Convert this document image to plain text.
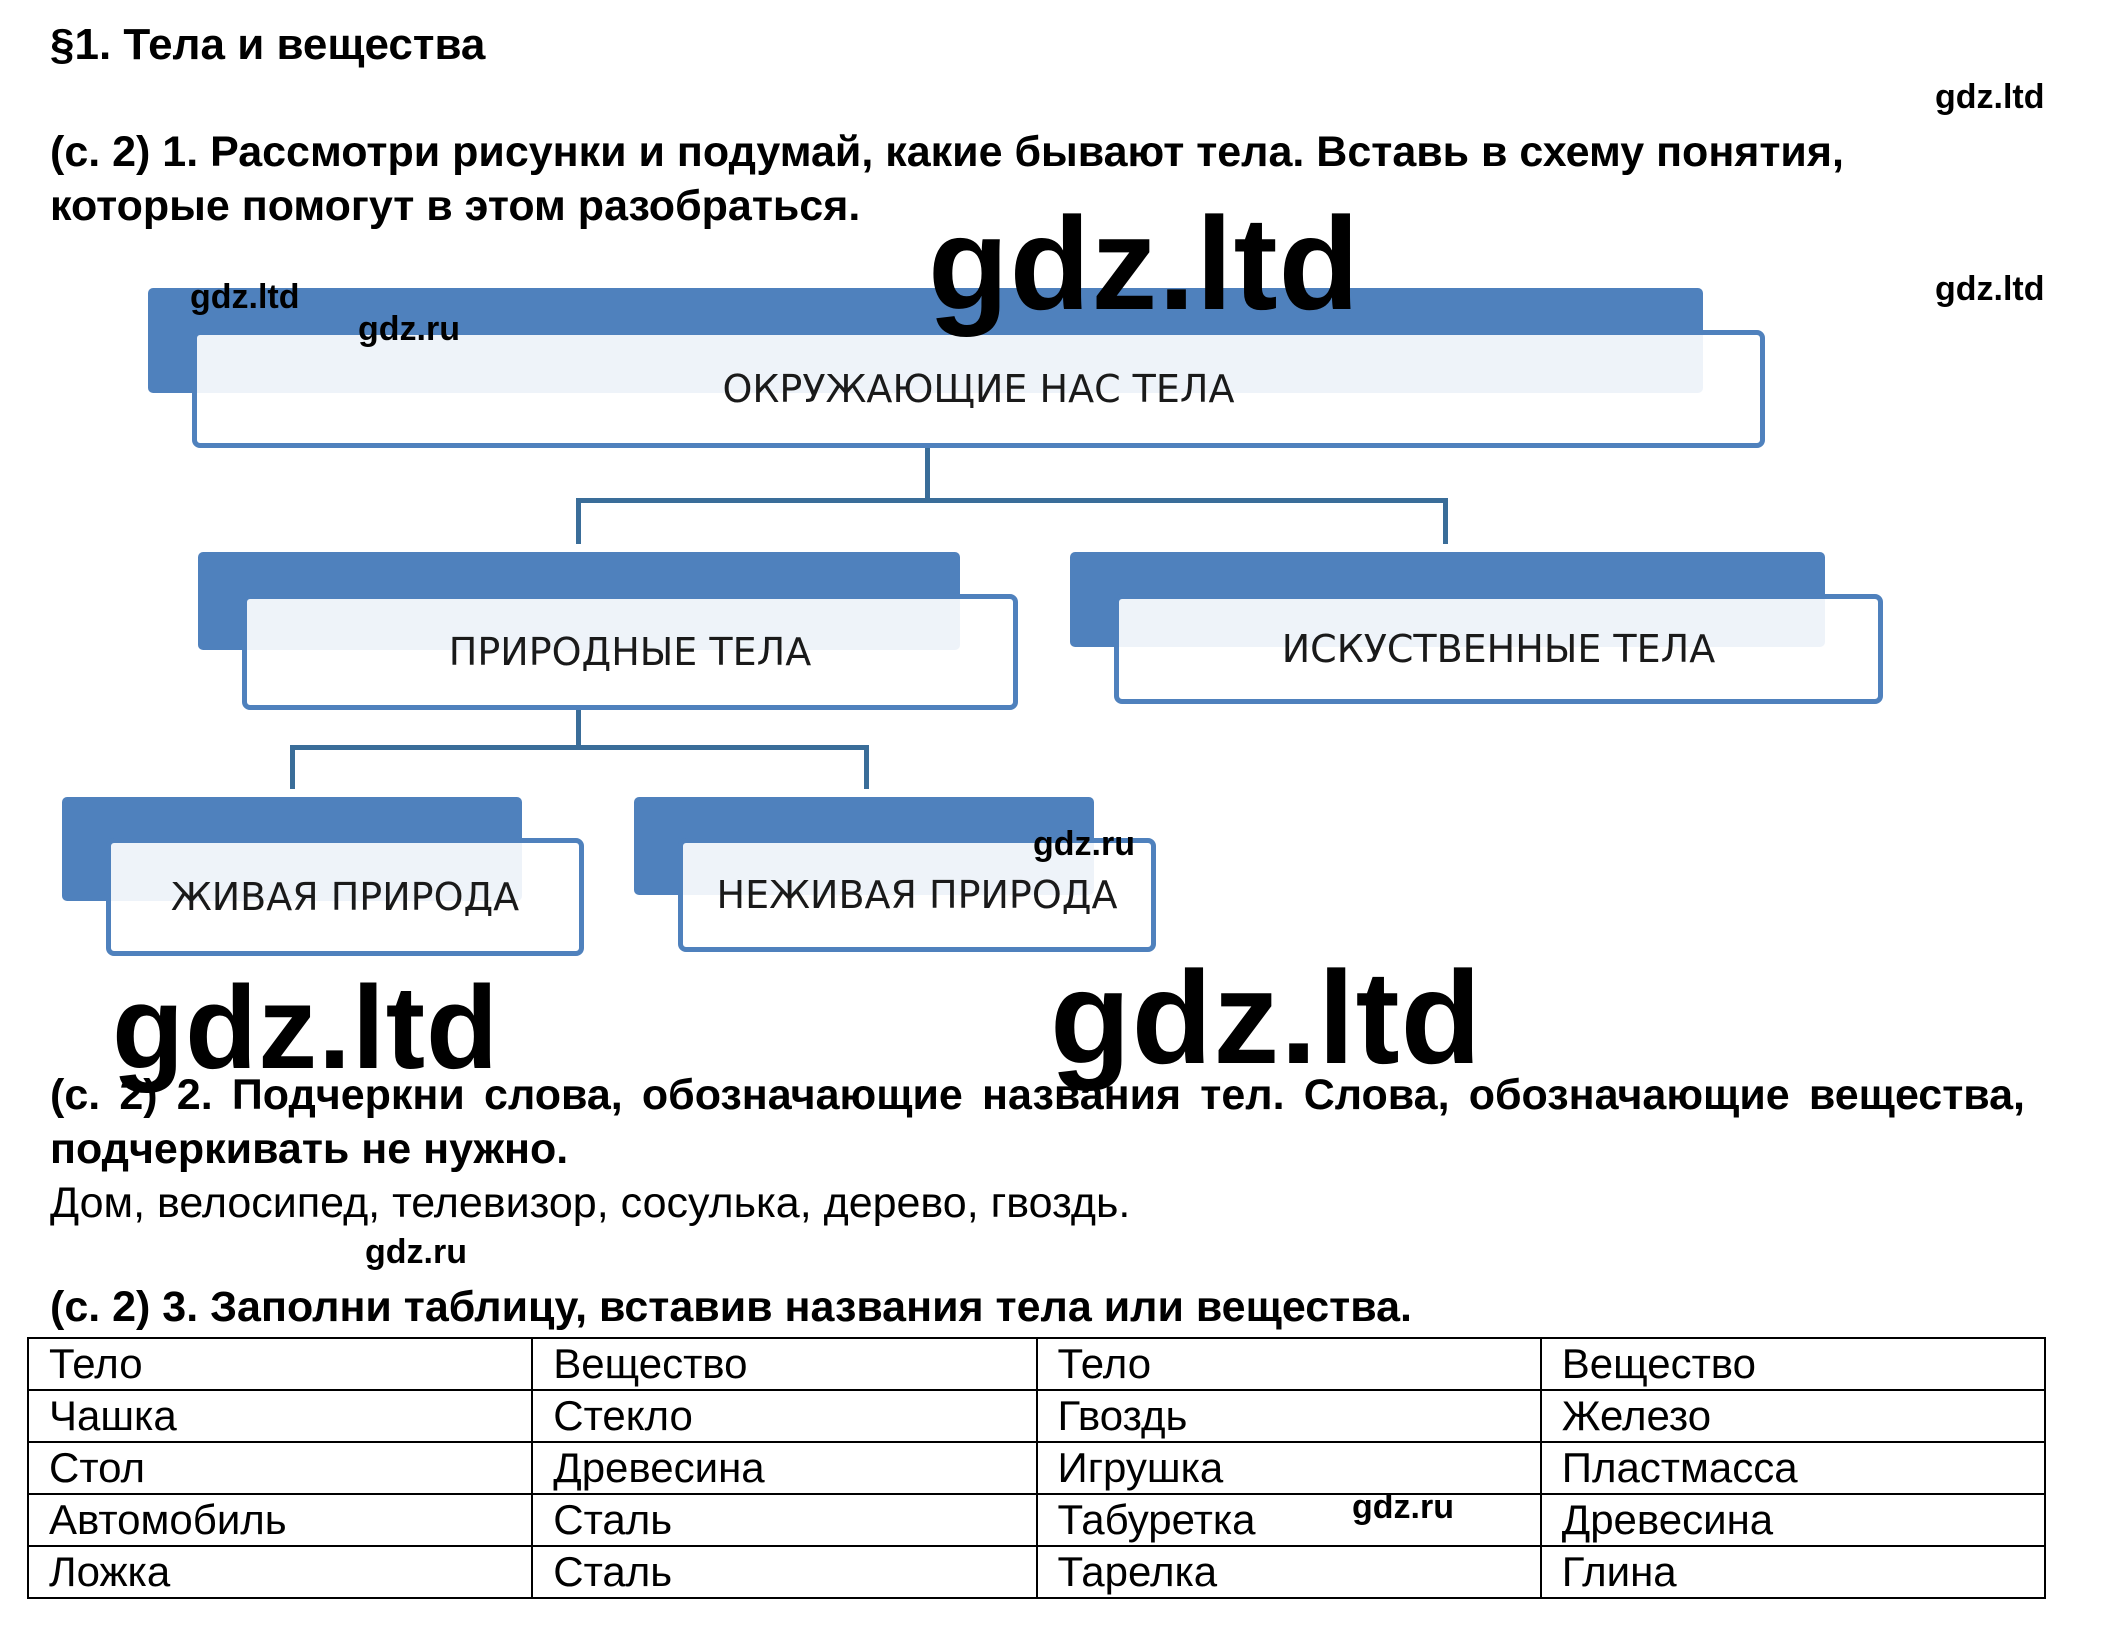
§1. Тела и вещества
(с. 2) 1. Рассмотри рисунки и подумай, какие бывают тела. Вставь в схему понятия,
которые помогут в этом разобраться.
ОКРУЖАЮЩИЕ НАС ТЕЛА
ПРИРОДНЫЕ ТЕЛА	ИСКУСТВЕННЫЕ ТЕЛА
ЖИВАЯ ПРИРОДА	НЕЖИВАЯ ПРИРОДА
(с. 2) 2. Подчеркни слова, обозначающие названия тел. Слова, обозначающие вещества, подчеркивать не нужно.
Дом, велосипед, телевизор, сосулька, дерево, гвоздь.
(с. 2) 3. Заполни таблицу, вставив названия тела или вещества.
Тело	Вещество	Тело	Вещество
Чашка	Стекло	Гвоздь	Железо
Стол	Древесина	Игрушка	Пластмасса
Автомобиль	Сталь	Табуретка	Древесина
Ложка	Сталь	Тарелка	Глина
gdz.ltd
gdz.ltd
gdz.ltd
gdz.ru	gdz.ltd
gdz.ru
gdz.ltd	gdz.ltd
gdz.ru
gdz.ru
